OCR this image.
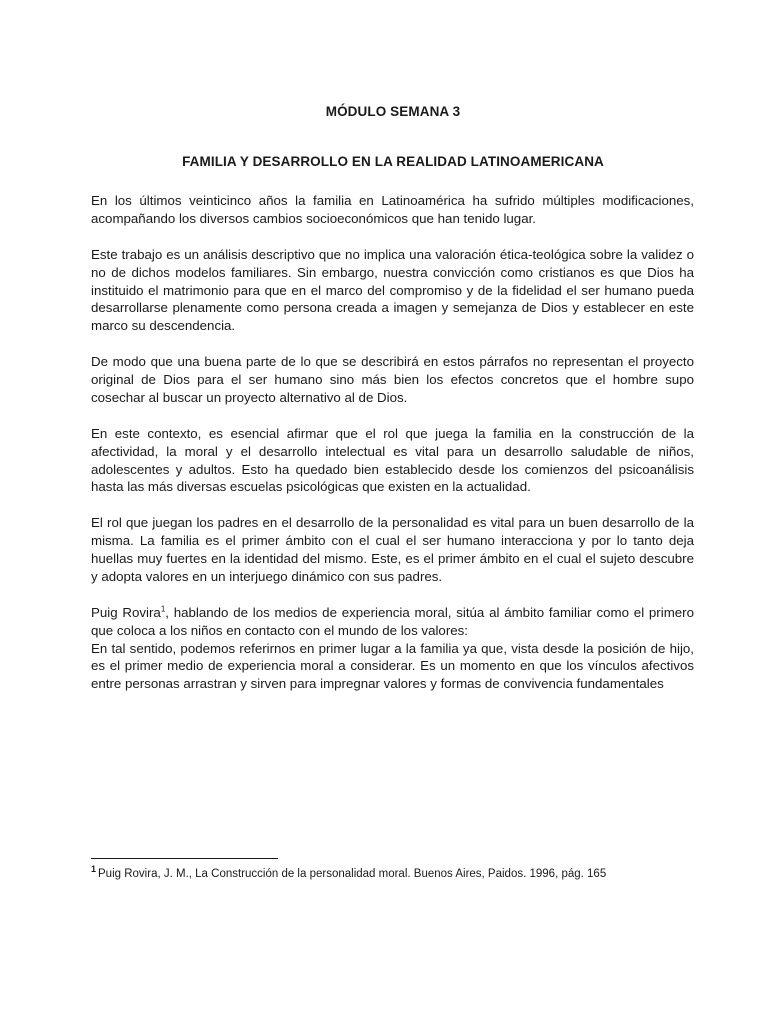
MÓDULO SEMANA 3
FAMILIA Y DESARROLLO EN LA REALIDAD LATINOAMERICANA

En los últimos veinticinco años la familia en Latinoamérica ha sufrido múltiples modificaciones, acompañando los diversos cambios socioeconómicos que han tenido lugar.

Este trabajo es un análisis descriptivo que no implica una valoración ética-teológica sobre la validez o no de dichos modelos familiares. Sin embargo, nuestra convicción como cristianos es que Dios ha instituido el matrimonio para que en el marco del compromiso y de la fidelidad el ser humano pueda desarrollarse plenamente como persona creada a imagen y semejanza de Dios y establecer en este marco su descendencia.

De modo que una buena parte de lo que se describirá en estos párrafos no representan el proyecto original de Dios para el ser humano sino más bien los efectos concretos que el hombre supo cosechar al buscar un proyecto alternativo al de Dios.

En este contexto, es esencial afirmar que el rol que juega la familia en la construcción de la afectividad, la moral y el desarrollo intelectual es vital para un desarrollo saludable de niños, adolescentes y adultos. Esto ha quedado bien establecido desde los comienzos del psicoanálisis hasta las más diversas escuelas psicológicas que existen en la actualidad.

El rol que juegan los padres en el desarrollo de la personalidad es vital para un buen desarrollo de la misma. La familia es el primer ámbito con el cual el ser humano interacciona y por lo tanto deja huellas muy fuertes en la identidad del mismo. Este, es el primer ámbito en el cual el sujeto descubre y adopta valores en un interjuego dinámico con sus padres.

Puig Rovira$^1$, hablando de los medios de experiencia moral, sitúa al ámbito familiar como el primero que coloca a los niños en contacto con el mundo de los valores:

En tal sentido, podemos referirnos en primer lugar a la familia ya que, vista desde la posición de hijo, es el primer medio de experiencia moral a considerar. Es un momento en que los vínculos afectivos entre personas arrastran y sirven para impregnar valores y formas de convivencia fundamentales

$^1$ Puig Rovira, J. M., La Construcción de la personalidad moral. Buenos Aires, Paidos. 1996, pág. 165
